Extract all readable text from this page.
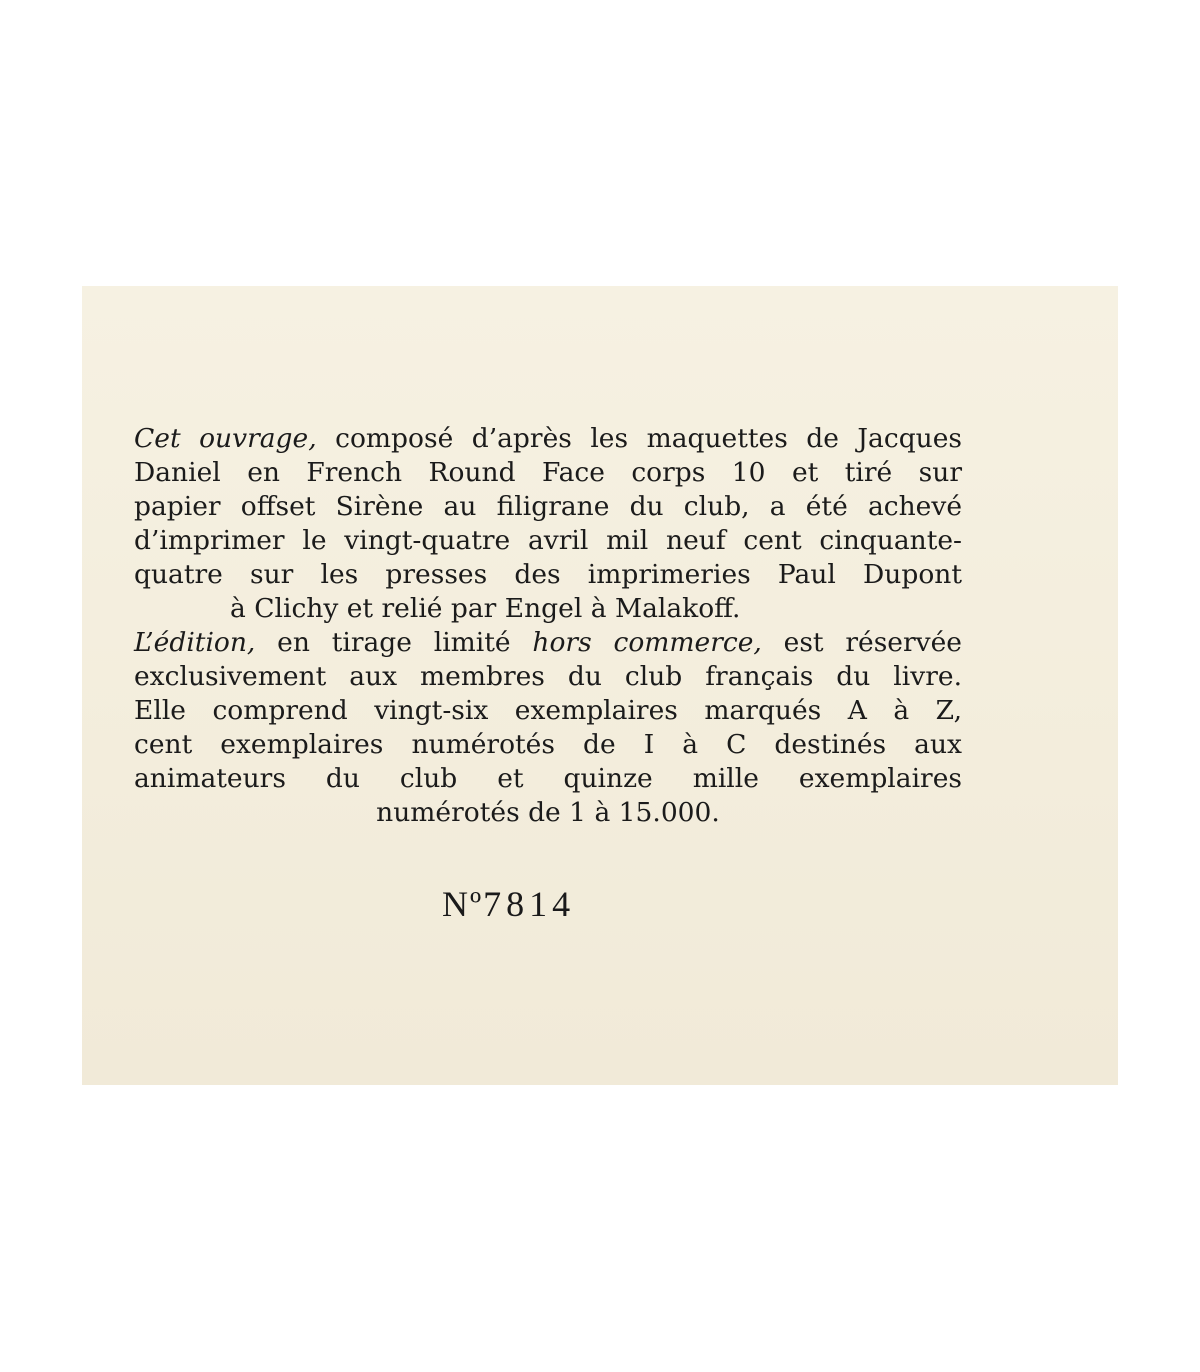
Cet ouvrage, composé d’après les maquettes de Jacques
Daniel en French Round Face corps 10 et tiré sur
papier offset Sirène au filigrane du club, a été achevé
d’imprimer le vingt-quatre avril mil neuf cent cinquante-
quatre sur les presses des imprimeries Paul Dupont
à Clichy et relié par Engel à Malakoff.
L’édition, en tirage limité hors commerce, est réservée
exclusivement aux membres du club français du livre.
Elle comprend vingt-six exemplaires marqués A à Z,
cent exemplaires numérotés de I à C destinés aux
animateurs du club et quinze mille exemplaires
numérotés de 1 à 15.000.
Nº7814
